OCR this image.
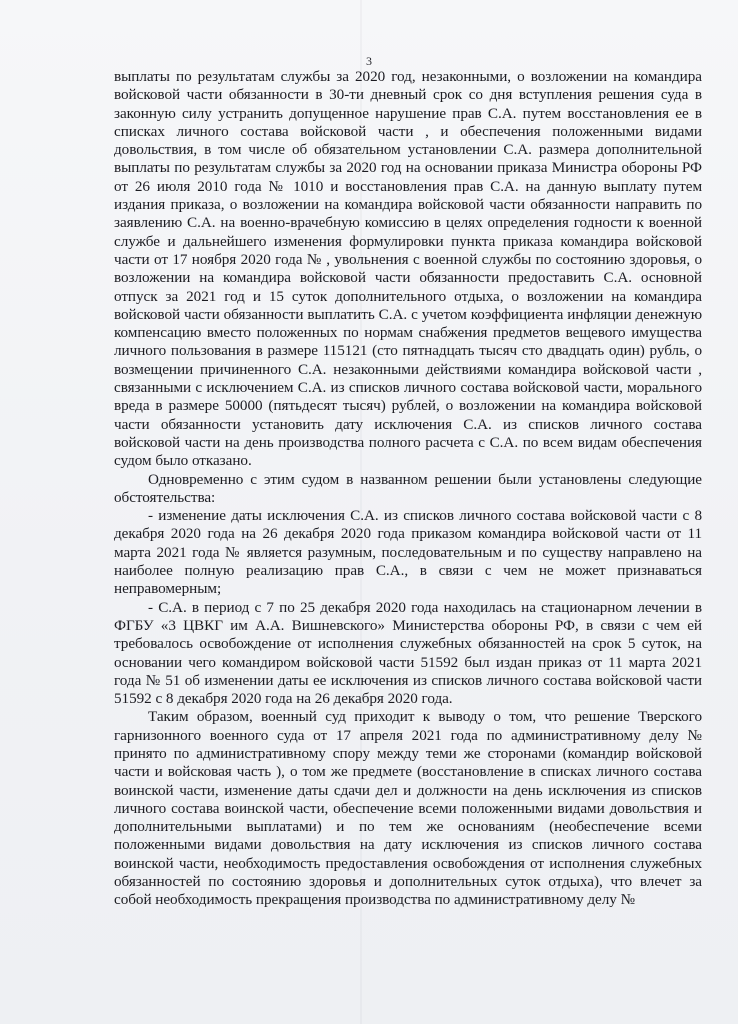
3

выплаты по результатам службы за 2020 год, незаконными, о возложении на командира войсковой части обязанности в 30-ти дневный срок со дня вступления решения суда в законную силу устранить допущенное нарушение прав С.А. путем восстановления ее в списках личного состава войсковой части , и обеспечения положенными видами довольствия, в том числе об обязательном установлении С.А. размера дополнительной выплаты по результатам службы за 2020 год на основании приказа Министра обороны РФ от 26 июля 2010 года № 1010 и восстановления прав С.А. на данную выплату путем издания приказа, о возложении на командира войсковой части обязанности направить по заявлению С.А. на военно-врачебную комиссию в целях определения годности к военной службе и дальнейшего изменения формулировки пункта приказа командира войсковой части от 17 ноября 2020 года № , увольнения с военной службы по состоянию здоровья, о возложении на командира войсковой части обязанности предоставить С.А. основной отпуск за 2021 год и 15 суток дополнительного отдыха, о возложении на командира войсковой части обязанности выплатить С.А. с учетом коэффициента инфляции денежную компенсацию вместо положенных по нормам снабжения предметов вещевого имущества личного пользования в размере 115121 (сто пятнадцать тысяч сто двадцать один) рубль, о возмещении причиненного С.А. незаконными действиями командира войсковой части , связанными с исключением С.А. из списков личного состава войсковой части, морального вреда в размере 50000 (пятьдесят тысяч) рублей, о возложении на командира войсковой части обязанности установить дату исключения С.А. из списков личного состава войсковой части на день производства полного расчета с С.А. по всем видам обеспечения судом было отказано.

Одновременно с этим судом в названном решении были установлены следующие обстоятельства:

- изменение даты исключения С.А. из списков личного состава войсковой части с 8 декабря 2020 года на 26 декабря 2020 года приказом командира войсковой части от 11 марта 2021 года № является разумным, последовательным и по существу направлено на наиболее полную реализацию прав С.А., в связи с чем не может признаваться неправомерным;

- С.А. в период с 7 по 25 декабря 2020 года находилась на стационарном лечении в ФГБУ «3 ЦВКГ им А.А. Вишневского» Министерства обороны РФ, в связи с чем ей требовалось освобождение от исполнения служебных обязанностей на срок 5 суток, на основании чего командиром войсковой части 51592 был издан приказ от 11 марта 2021 года № 51 об изменении даты ее исключения из списков личного состава войсковой части 51592 с 8 декабря 2020 года на 26 декабря 2020 года.

Таким образом, военный суд приходит к выводу о том, что решение Тверского гарнизонного военного суда от 17 апреля 2021 года по административному делу № принято по административному спору между теми же сторонами (командир войсковой части и войсковая часть ), о том же предмете (восстановление в списках личного состава воинской части, изменение даты сдачи дел и должности на день исключения из списков личного состава воинской части, обеспечение всеми положенными видами довольствия и дополнительными выплатами) и по тем же основаниям (необеспечение всеми положенными видами довольствия на дату исключения из списков личного состава воинской части, необходимость предоставления освобождения от исполнения служебных обязанностей по состоянию здоровья и дополнительных суток отдыха), что влечет за собой необходимость прекращения производства по административному делу №
